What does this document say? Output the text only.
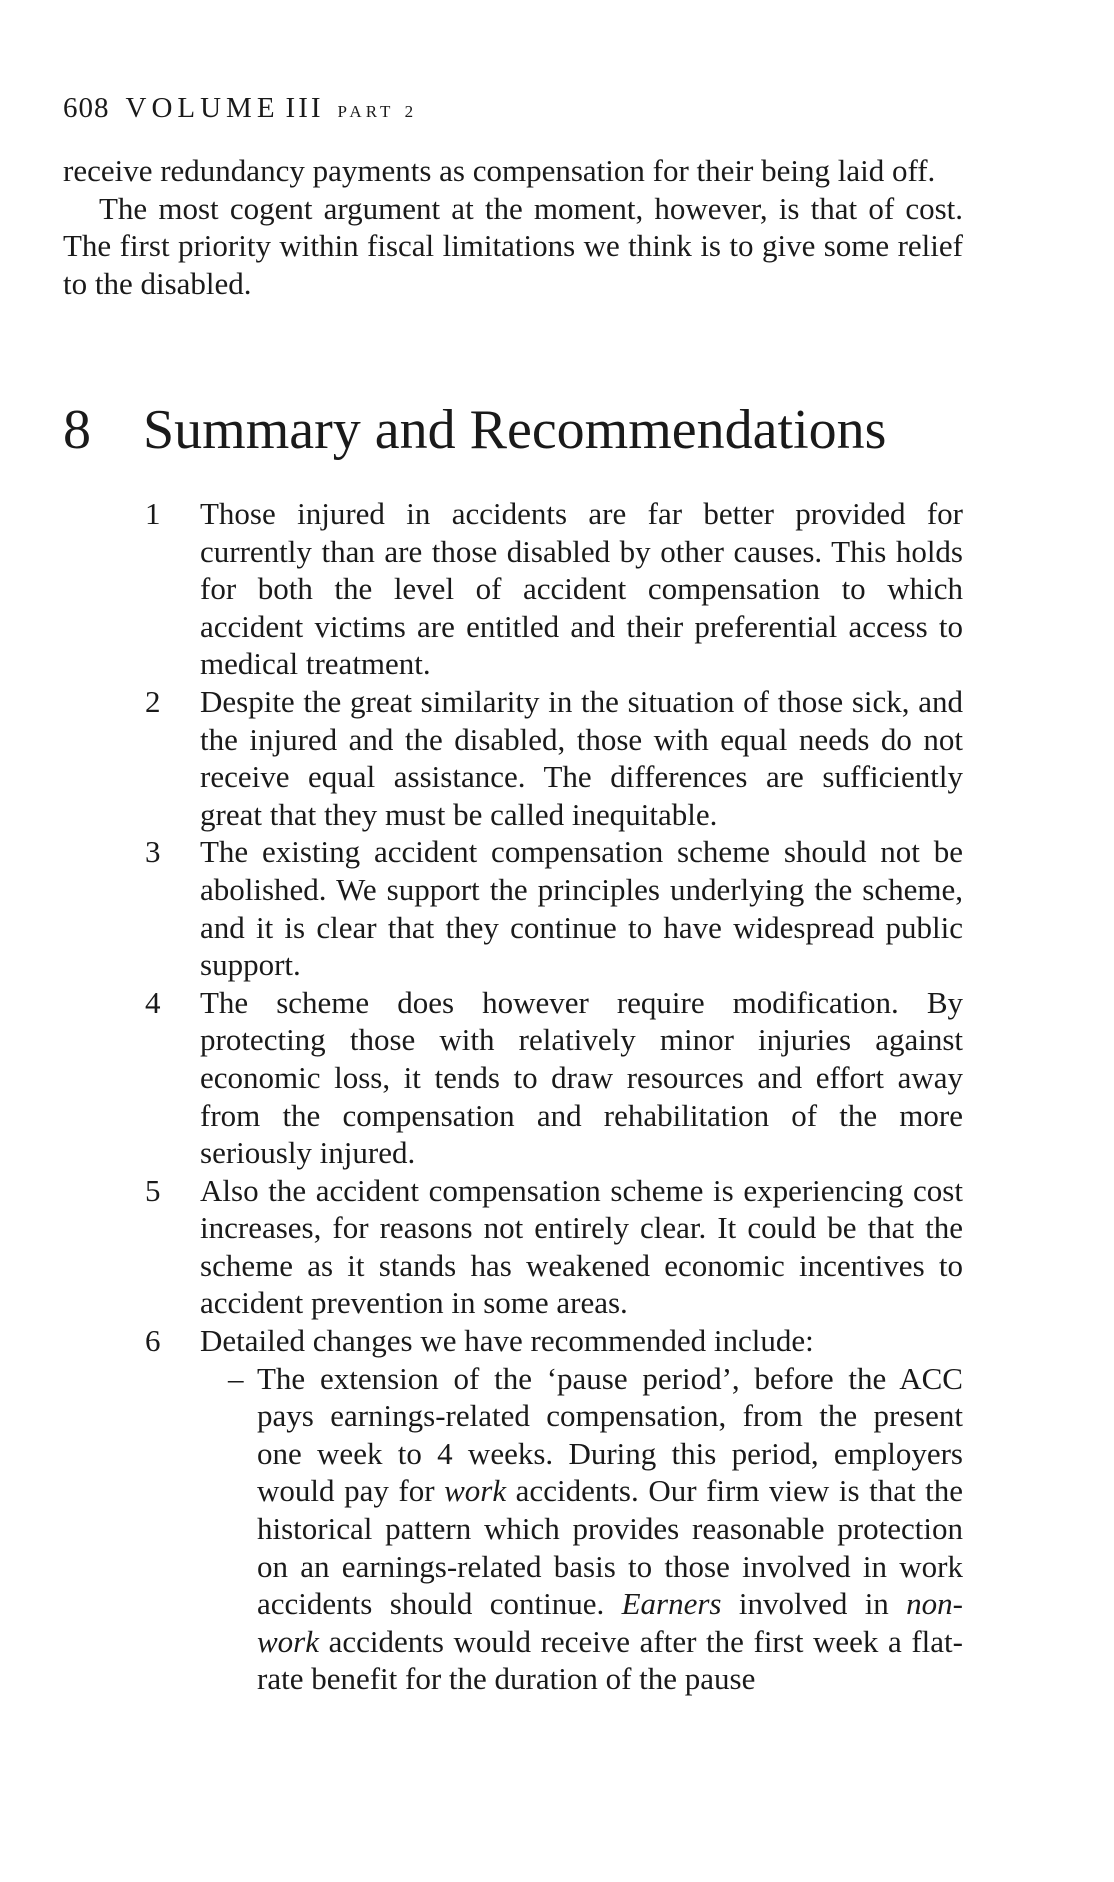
608 VOLUME III PART 2

receive redundancy payments as compensation for their being laid off.

The most cogent argument at the moment, however, is that of cost. The first priority within fiscal limitations we think is to give some relief to the disabled.

8 Summary and Recommendations
1 Those injured in accidents are far better provided for currently than are those disabled by other causes. This holds for both the level of accident compensation to which accident victims are entitled and their preferential access to medical treatment.
2 Despite the great similarity in the situation of those sick, and the injured and the disabled, those with equal needs do not receive equal assistance. The differences are sufficiently great that they must be called inequitable.
3 The existing accident compensation scheme should not be abolished. We support the principles underlying the scheme, and it is clear that they continue to have widespread public support.
4 The scheme does however require modification. By protecting those with relatively minor injuries against economic loss, it tends to draw resources and effort away from the compensation and rehabilitation of the more seriously injured.
5 Also the accident compensation scheme is experiencing cost increases, for reasons not entirely clear. It could be that the scheme as it stands has weakened economic incentives to accident prevention in some areas.
6 Detailed changes we have recommended include:
– The extension of the ‘pause period’, before the ACC pays earnings-related compensation, from the present one week to 4 weeks. During this period, employers would pay for work accidents. Our firm view is that the historical pattern which provides reasonable protection on an earnings-related basis to those involved in work accidents should continue. Earners involved in non-work accidents would receive after the first week a flat-rate benefit for the duration of the pause
